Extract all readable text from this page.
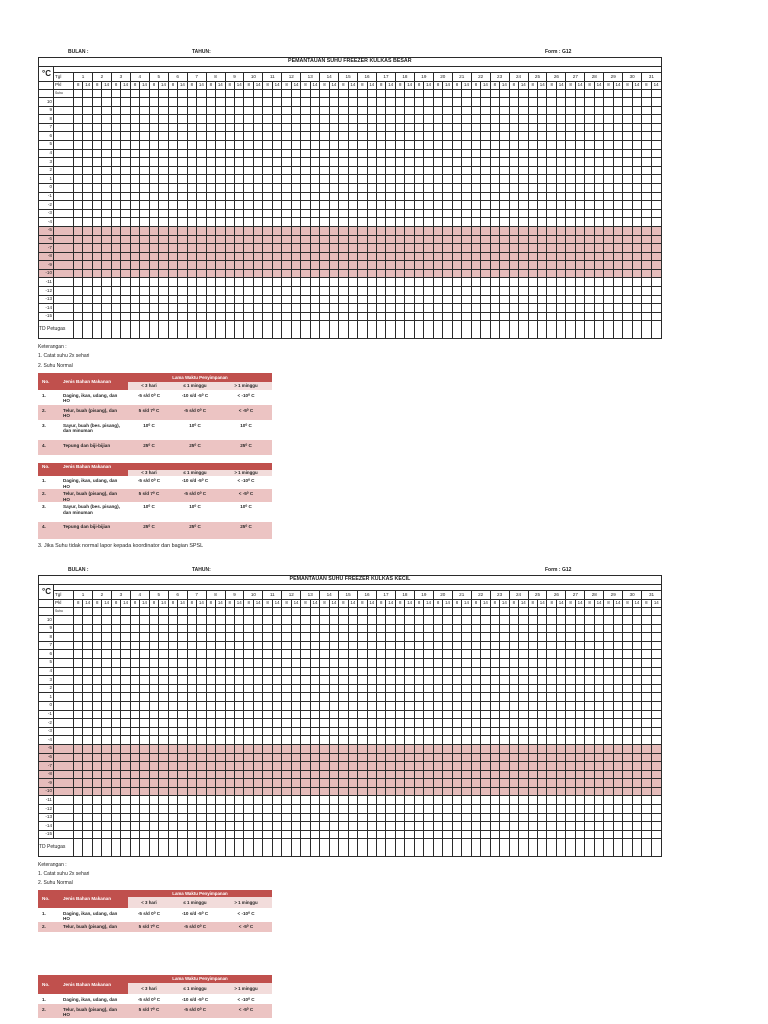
BULAN :	TAHUN:	Form : G12
PEMANTAUAN SUHU FREEZER KULKAS BESAR																																																															
°C																																																															
	Tgl	1		2		3		4		5		6		7		8		9		10		11		12		13		14		15		16		17		18		19		20		21		22		23		24		25		26		27		28		29		30		31	
	Pkl	8	14	8	14	8	14	8	14	8	14	8	14	8	14	8	14	8	14	8	14	8	14	8	14	8	14	8	14	8	14	8	14	8	14	8	14	8	14	8	14	8	14	8	14	8	14	8	14	8	14	8	14	8	14	8	14	8	14	8	14	8	14
	Suhu																																																														
10																																																															
9																																																															
8																																																															
7																																																															
6																																																															
5																																																															
4																																																															
3																																																															
2																																																															
1																																																															
0																																																															
-1																																																															
-2																																																															
-3																																																															
-4																																																															
-5																																																															
-6																																																															
-7																																																															
-8																																																															
-9																																																															
-10																																																															
-11																																																															
-12																																																															
-13																																																															
-14																																																															
-15																																																															
TD Petugas																																																															
Keterangan :
1. Catat suhu 2x sehari
2. Suhu Normal
No.	Jenis Bahan Makanan	Lama Waktu Penyimpanan		
		< 3 hari	≤ 1 minggu	> 1 minggu
1.	Daging, ikan, udang, dan
HO	-5 s/d 0⁰ C	-10 s/d -5⁰ C	< -10⁰ C
2.	Telur, buah (pisang), dan
HO	5 s/d 7⁰ C	-5 s/d 0⁰ C	< -5⁰ C
3.	Sayur, buah (bes. pisang),
dan minuman	10⁰ C	10⁰ C	10⁰ C
4.	Tepung dan biji-bijian	25⁰ C	25⁰ C	25⁰ C
No.	Jenis Bahan Makanan			
		< 3 hari	≤ 1 minggu	> 1 minggu
1.	Daging, ikan, udang, dan
HO	-5 s/d 0⁰ C	-10 s/d -5⁰ C	< -10⁰ C
2.	Telur, buah (pisang), dan
HO	5 s/d 7⁰ C	-5 s/d 0⁰ C	< -5⁰ C
3.	Sayur, buah (bes. pisang),
dan minuman	10⁰ C	10⁰ C	10⁰ C
4.	Tepung dan biji-bijian	25⁰ C	25⁰ C	25⁰ C
3. Jika Suhu tidak normal lapor kepada koordinator dan bagian SPSL
BULAN :	TAHUN:	Form : G12
PEMANTAUAN SUHU FREEZER KULKAS KECIL																																																															
°C																																																															
	Tgl	1		2		3		4		5		6		7		8		9		10		11		12		13		14		15		16		17		18		19		20		21		22		23		24		25		26		27		28		29		30		31	
	Pkl	8	14	8	14	8	14	8	14	8	14	8	14	8	14	8	14	8	14	8	14	8	14	8	14	8	14	8	14	8	14	8	14	8	14	8	14	8	14	8	14	8	14	8	14	8	14	8	14	8	14	8	14	8	14	8	14	8	14	8	14	8	14
	Suhu																																																														
10																																																															
9																																																															
8																																																															
7																																																															
6																																																															
5																																																															
4																																																															
3																																																															
2																																																															
1																																																															
0																																																															
-1																																																															
-2																																																															
-3																																																															
-4																																																															
-5																																																															
-6																																																															
-7																																																															
-8																																																															
-9																																																															
-10																																																															
-11																																																															
-12																																																															
-13																																																															
-14																																																															
-15																																																															
TD Petugas																																																															
Keterangan :
1. Catat suhu 2x sehari
2. Suhu Normal
No.	Jenis Bahan Makanan	Lama Waktu Penyimpanan		
		< 3 hari	≤ 1 minggu	> 1 minggu
1.	Daging, ikan, udang, dan
HO	-5 s/d 0⁰ C	-10 s/d -5⁰ C	< -10⁰ C
2.	Telur, buah (pisang), dan	5 s/d 7⁰ C	-5 s/d 0⁰ C	< -5⁰ C
No.	Jenis Bahan Makanan	Lama Waktu Penyimpanan		
		< 3 hari	≤ 1 minggu	> 1 minggu
1.	Daging, ikan, udang, dan	-5 s/d 0⁰ C	-10 s/d -5⁰ C	< -10⁰ C
2.	Telur, buah (pisang), dan
HO	5 s/d 7⁰ C	-5 s/d 0⁰ C	< -5⁰ C
